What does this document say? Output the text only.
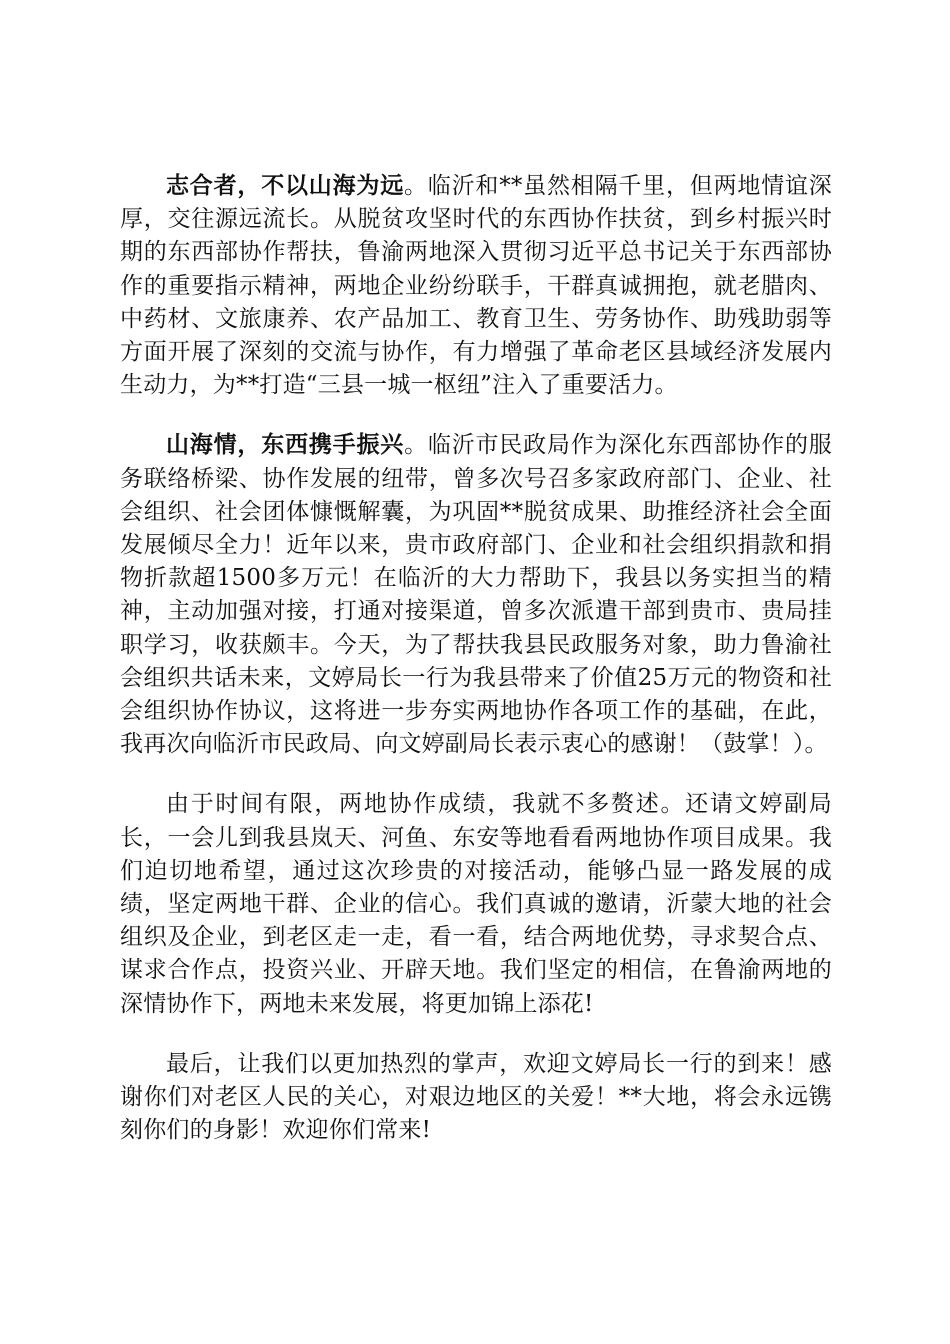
志合者，不以山海为远。临沂和**虽然相隔千里，但两地情谊深厚，交往源远流长。从脱贫攻坚时代的东西协作扶贫，到乡村振兴时期的东西部协作帮扶，鲁渝两地深入贯彻习近平总书记关于东西部协作的重要指示精神，两地企业纷纷联手，干群真诚拥抱，就老腊肉、中药材、文旅康养、农产品加工、教育卫生、劳务协作、助残助弱等方面开展了深刻的交流与协作，有力增强了革命老区县域经济发展内生动力，为**打造“三县一城一枢纽”注入了重要活力。

山海情，东西携手振兴。临沂市民政局作为深化东西部协作的服务联络桥梁、协作发展的纽带，曾多次号召多家政府部门、企业、社会组织、社会团体慷慨解囊，为巩固**脱贫成果、助推经济社会全面发展倾尽全力！近年以来，贵市政府部门、企业和社会组织捐款和捐物折款超1500多万元！在临沂的大力帮助下，我县以务实担当的精神，主动加强对接，打通对接渠道，曾多次派遣干部到贵市、贵局挂职学习，收获颇丰。今天，为了帮扶我县民政服务对象，助力鲁渝社会组织共话未来，文婷局长一行为我县带来了价值25万元的物资和社会组织协作协议，这将进一步夯实两地协作各项工作的基础，在此，我再次向临沂市民政局、向文婷副局长表示衷心的感谢！（鼓掌！）。

由于时间有限，两地协作成绩，我就不多赘述。还请文婷副局长，一会儿到我县岚天、河鱼、东安等地看看两地协作项目成果。我们迫切地希望，通过这次珍贵的对接活动，能够凸显一路发展的成绩，坚定两地干群、企业的信心。我们真诚的邀请，沂蒙大地的社会组织及企业，到老区走一走，看一看，结合两地优势，寻求契合点、谋求合作点，投资兴业、开辟天地。我们坚定的相信，在鲁渝两地的深情协作下，两地未来发展，将更加锦上添花!

最后，让我们以更加热烈的掌声，欢迎文婷局长一行的到来！感谢你们对老区人民的关心，对艰边地区的关爱！**大地，将会永远镌刻你们的身影！欢迎你们常来!
